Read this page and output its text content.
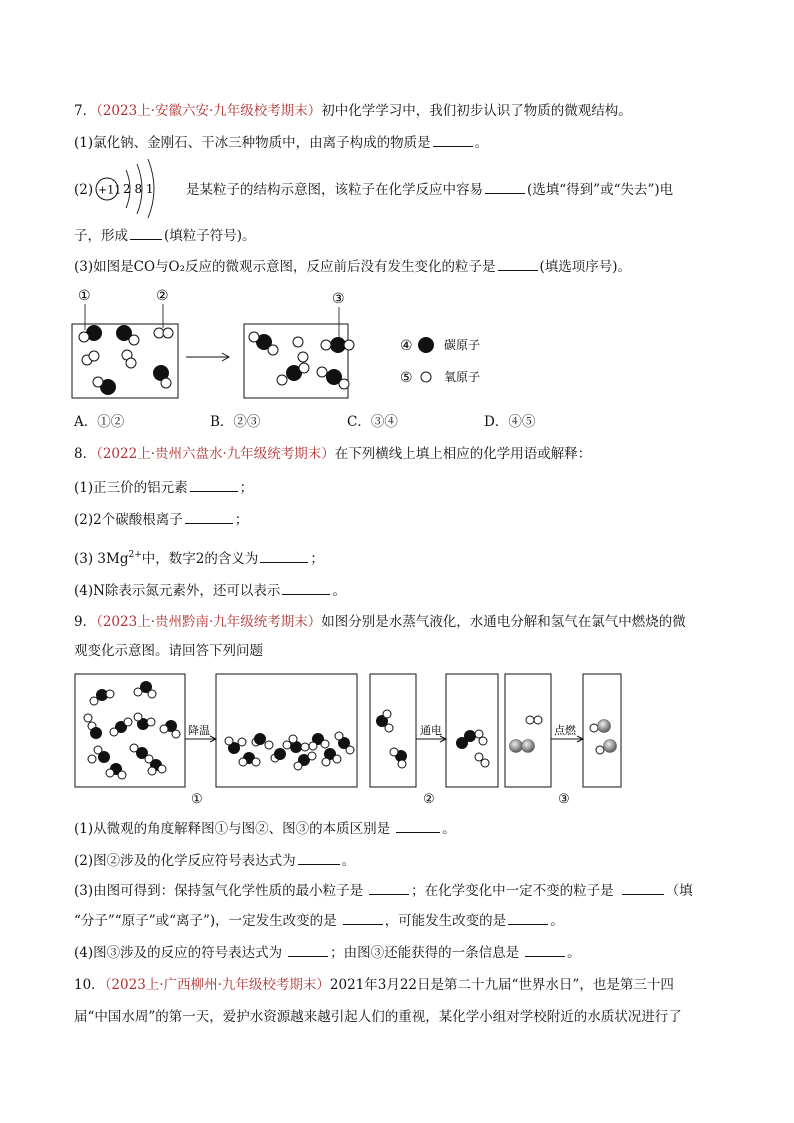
7．（2023上·安徽六安·九年级校考期末）初中化学学习中，我们初步认识了物质的微观结构。
(1)氯化钠、金刚石、干冰三种物质中，由离子构成的物质是	。
(2) +11 2 8 1 是某粒子的结构示意图，该粒子在化学反应中容易	(选填“得到”或“失去”)电
子，形成	(填粒子符号)。
(3)如图是CO与O₂反应的微观示意图，反应前后没有发生变化的粒子是	(填选项序号)。
①	②	③
④	碳原子
⑤	氧原子
A．①②	B．②③	C．③④	D．④⑤
8．（2022上·贵州六盘水·九年级统考期末）在下列横线上填上相应的化学用语或解释：
(1)正三价的铝元素	；
(2)2个碳酸根离子	；
(3) $3Mg^{2+}$中，数字2的含义为	；
(4)N除表示氮元素外，还可以表示	。
9．（2023上·贵州黔南·九年级统考期末）如图分别是水蒸气液化，水通电分解和氢气在氯气中燃烧的微
观变化示意图。请回答下列问题
降温	通电	点燃
①	②	③
(1)从微观的角度解释图①与图②、图③的本质区别是	。
(2)图②涉及的化学反应符号表达式为	。
(3)由图可得到：保持氢气化学性质的最小粒子是	；在化学变化中一定不变的粒子是	（填
“分子”“原子”或“离子”)，一定发生改变的是	，可能发生改变的是	。
(4)图③涉及的反应的符号表达式为	；由图③还能获得的一条信息是	。
10．（2023上·广西柳州·九年级校考期末）2021年3月22日是第二十九届“世界水日”，也是第三十四
届“中国水周”的第一天，爱护水资源越来越引起人们的重视，某化学小组对学校附近的水质状况进行了
